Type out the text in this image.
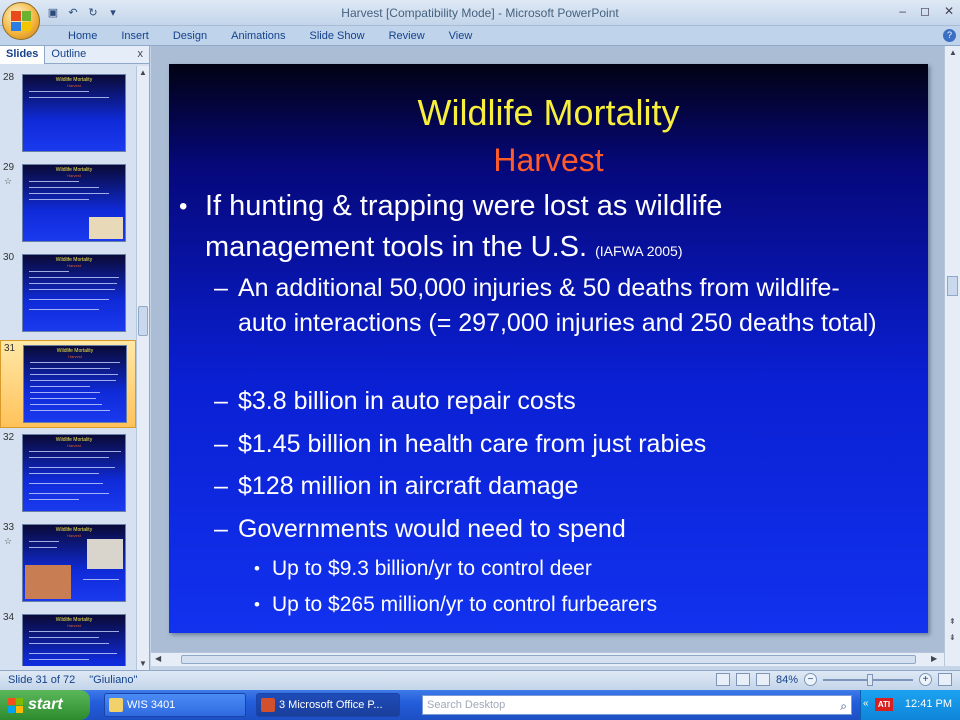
▣ ↶ ↻	▾	Harvest [Compatibility Mode] - Microsoft PowerPoint	– ◻ ✕
Home	Insert	Design	Animations	Slide Show	Review	View	?
Slides	Outline	x
28	Wildlife Mortality
Harvest
29
☆
Wildlife Mortality
Harvest
30	Wildlife Mortality
Harvest
31	Wildlife Mortality
Harvest
32	Wildlife Mortality
Harvest
33
☆
Wildlife Mortality
Harvest
34	Wildlife Mortality
Harvest
▲
▼
Wildlife Mortality
Harvest
• If hunting & trapping were lost as wildlife management tools in the U.S. (IAFWA 2005)
– An additional 50,000 injuries & 50 deaths from wildlife-auto interactions (= 297,000 injuries and 250 deaths total)
– $3.8 billion in auto repair costs
– $1.45 billion in health care from just rabies
– $128 million in aircraft damage
– Governments would need to spend
• Up to $9.3 billion/yr to control deer
• Up to $265 million/yr to control furbearers
▲
⇞
⇟
◀	▶
Slide 31 of 72 "Giuliano"	84% −	+
start	WIS 3401	3 Microsoft Office P...	Search Desktop	⌕ «	ATI 12:41 PM
